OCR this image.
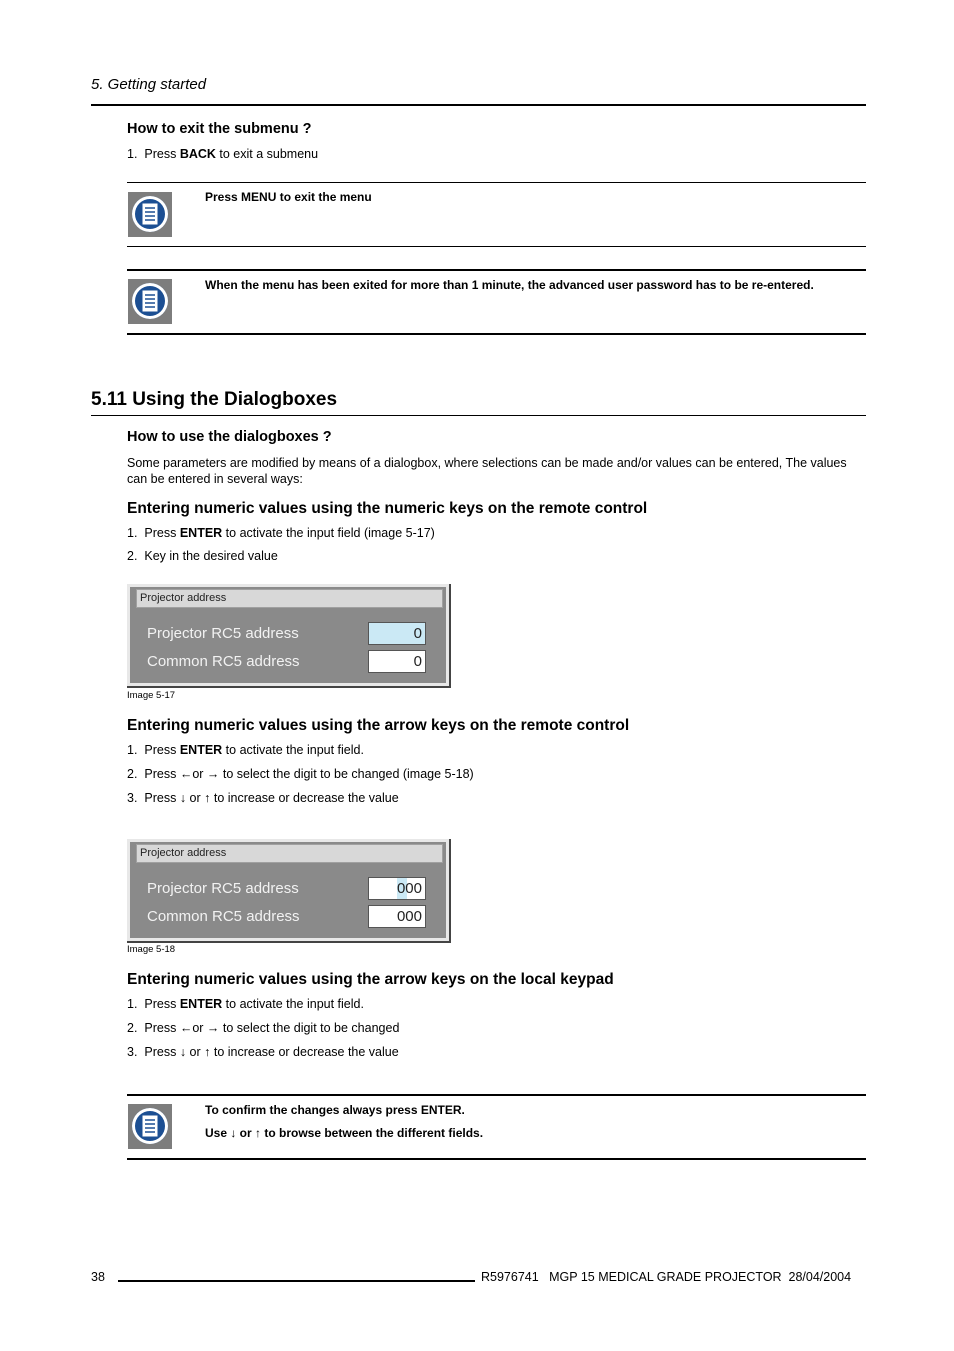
5. Getting started
How to exit the submenu ?
1. Press BACK to exit a submenu
Press MENU to exit the menu
When the menu has been exited for more than 1 minute, the advanced user password has to be re-entered.
5.11 Using the Dialogboxes
How to use the dialogboxes ?
Some parameters are modified by means of a dialogbox, where selections can be made and/or values can be entered, The values can be entered in several ways:
Entering numeric values using the numeric keys on the remote control
1. Press ENTER to activate the input field (image 5-17)
2. Key in the desired value
Projector address
Projector RC5 address	0
Common RC5 address	0
Image 5-17
Entering numeric values using the arrow keys on the remote control
1. Press ENTER to activate the input field.
2. Press ←or → to select the digit to be changed (image 5-18)
3. Press ↓ or ↑ to increase or decrease the value
Projector address
Projector RC5 address	000
Common RC5 address	000
Image 5-18
Entering numeric values using the arrow keys on the local keypad
1. Press ENTER to activate the input field.
2. Press ←or → to select the digit to be changed
3. Press ↓ or ↑ to increase or decrease the value
To confirm the changes always press ENTER.
Use ↓ or ↑ to browse between the different fields.
38	R5976741   MGP 15 MEDICAL GRADE PROJECTOR  28/04/2004
